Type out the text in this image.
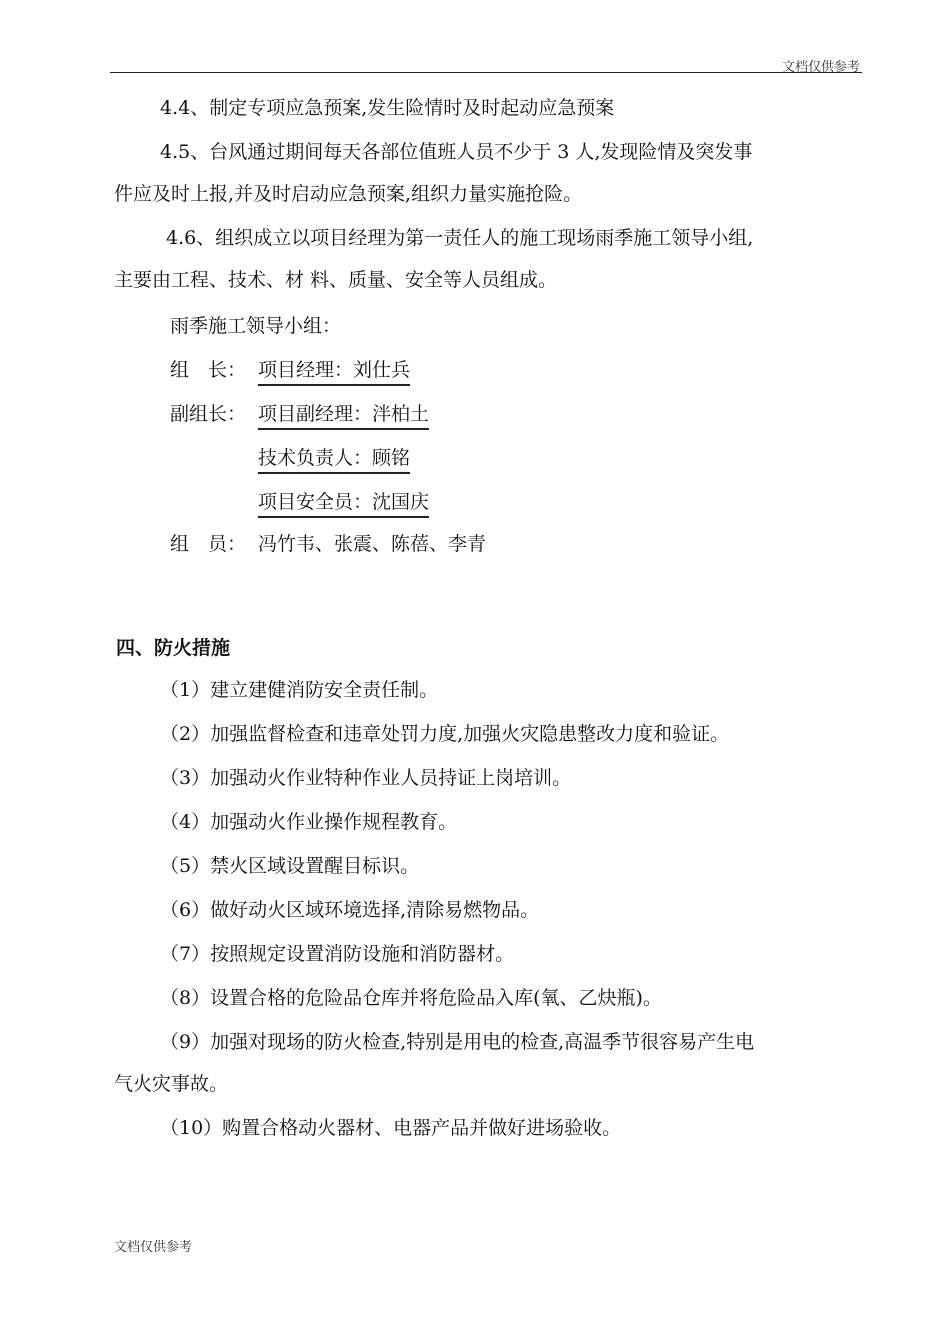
文档仅供参考
4.4、制定专项应急预案,发生险情时及时起动应急预案
4.5、台风通过期间每天各部位值班人员不少于 3 人,发现险情及突发事
件应及时上报,并及时启动应急预案,组织力量实施抢险。
4.6、组织成立以项目经理为第一责任人的施工现场雨季施工领导小组,
主要由工程、技术、材 料、质量、安全等人员组成。
雨季施工领导小组：
组　长： 项目经理：刘仕兵
副组长： 项目副经理：泮柏土
技术负责人：顾铭
项目安全员：沈国庆
组　员： 冯竹韦、张震、陈蓓、李青
四、防火措施
（1）建立建健消防安全责任制。
（2）加强监督检查和违章处罚力度,加强火灾隐患整改力度和验证。
（3）加强动火作业特种作业人员持证上岗培训。
（4）加强动火作业操作规程教育。
（5）禁火区域设置醒目标识。
（6）做好动火区域环境选择,清除易燃物品。
（7）按照规定设置消防设施和消防器材。
（8）设置合格的危险品仓库并将危险品入库(氧、乙炔瓶)。
（9）加强对现场的防火检查,特别是用电的检查,高温季节很容易产生电
气火灾事故。
（10）购置合格动火器材、电器产品并做好进场验收。
文档仅供参考
